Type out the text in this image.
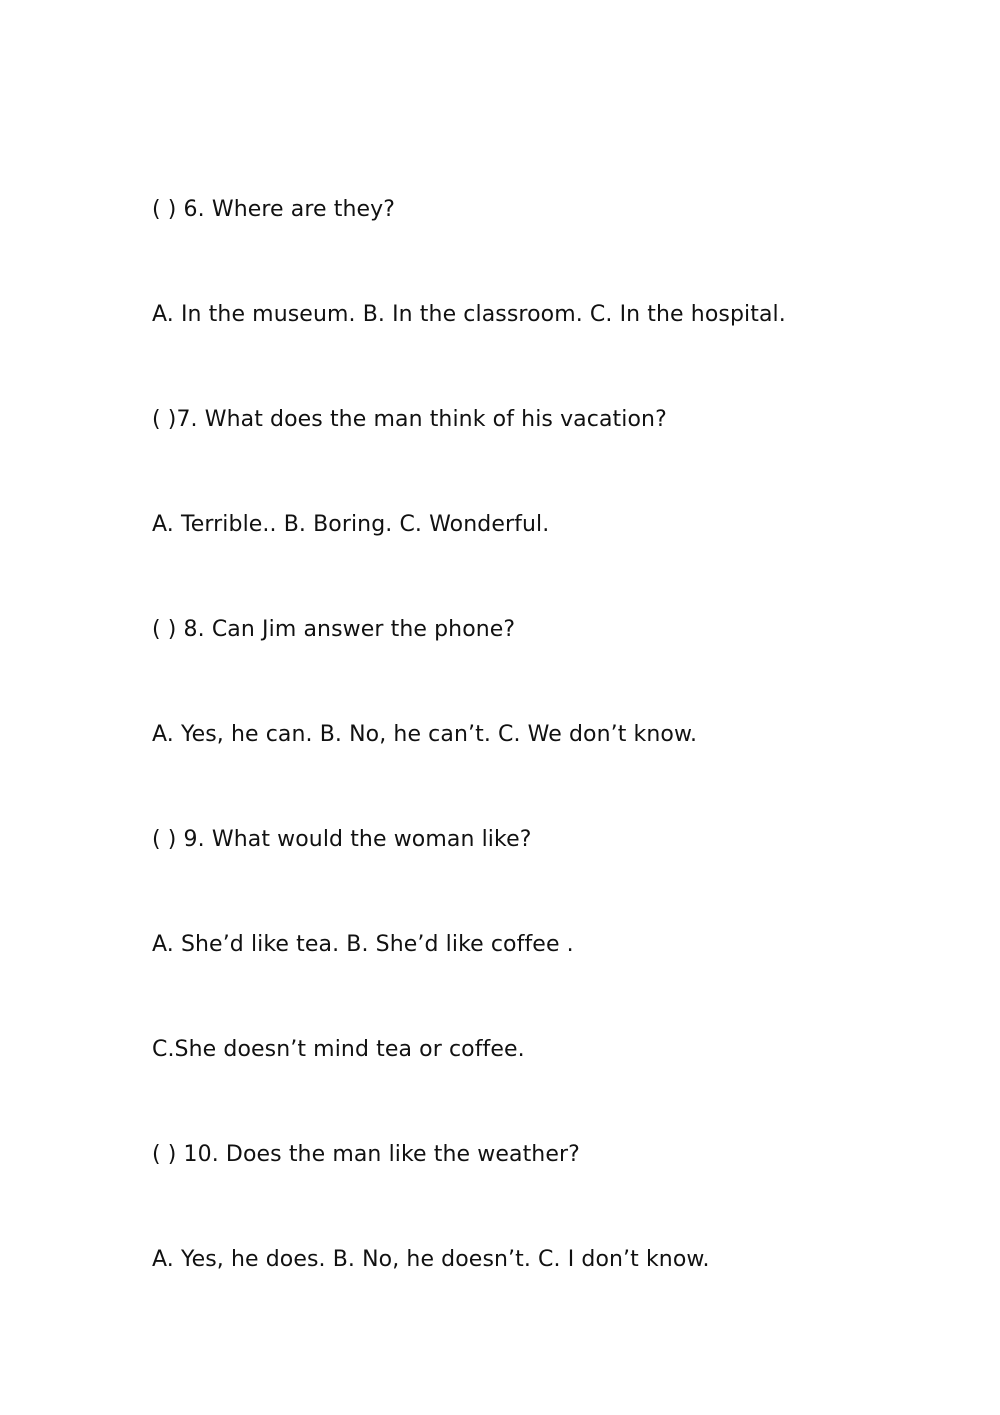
( ) 6. Where are they?
A. In the museum. B. In the classroom. C. In the hospital.
( )7. What does the man think of his vacation?
A. Terrible.. B. Boring. C. Wonderful.
( ) 8. Can Jim answer the phone?
A. Yes, he can. B. No, he can’t. C. We don’t know.
( ) 9. What would the woman like?
A. She’d like tea. B. She’d like coffee .
C.She doesn’t mind tea or coffee.
( ) 10. Does the man like the weather?
A. Yes, he does. B. No, he doesn’t. C. I don’t know.
